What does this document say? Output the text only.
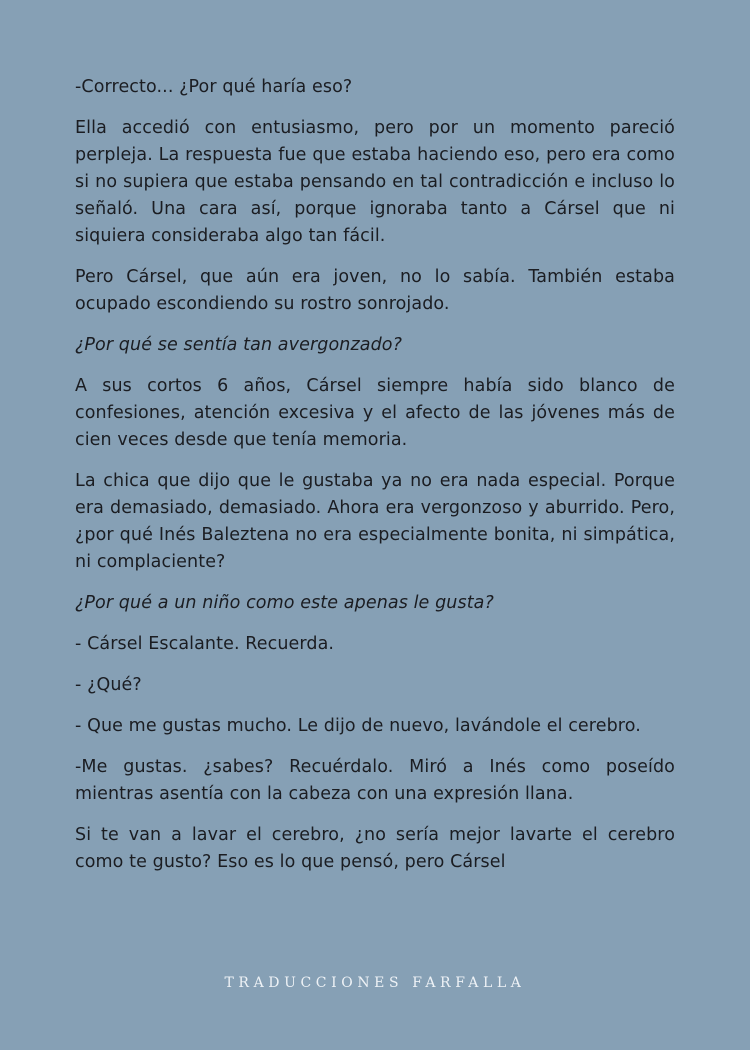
-Correcto... ¿Por qué haría eso?

Ella accedió con entusiasmo, pero por un momento pareció perpleja. La respuesta fue que estaba haciendo eso, pero era como si no supiera que estaba pensando en tal contradicción e incluso lo señaló. Una cara así, porque ignoraba tanto a Cársel que ni siquiera consideraba algo tan fácil.

Pero Cársel, que aún era joven, no lo sabía. También estaba ocupado escondiendo su rostro sonrojado.

¿Por qué se sentía tan avergonzado?

A sus cortos 6 años, Cársel siempre había sido blanco de confesiones, atención excesiva y el afecto de las jóvenes más de cien veces desde que tenía memoria.

La chica que dijo que le gustaba ya no era nada especial. Porque era demasiado, demasiado. Ahora era vergonzoso y aburrido. Pero, ¿por qué Inés Baleztena no era especialmente bonita, ni simpática, ni complaciente?

¿Por qué a un niño como este apenas le gusta?

- Cársel Escalante. Recuerda.

- ¿Qué?

- Que me gustas mucho. Le dijo de nuevo, lavándole el cerebro.

-Me gustas. ¿sabes? Recuérdalo. Miró a Inés como poseído mientras asentía con la cabeza con una expresión llana.

Si te van a lavar el cerebro, ¿no sería mejor lavarte el cerebro como te gusto? Eso es lo que pensó, pero Cársel

TRADUCCIONES FARFALLA
